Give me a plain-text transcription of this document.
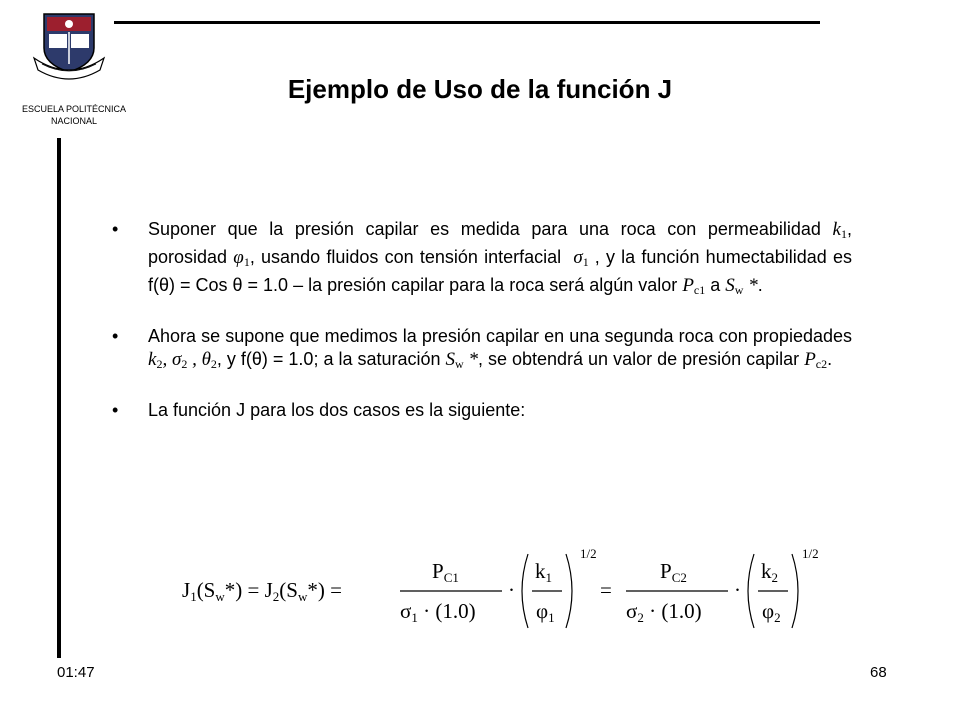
ESCUELA POLITÉCNICA
NACIONAL
Ejemplo de Uso de la función J
• Suponer que la presión capilar es medida para una roca con permeabilidad $k_1$, porosidad $\varphi_1$, usando fluidos con tensión interfacial  $\sigma_1$ , y la función humectabilidad es f(θ) = Cos θ = 1.0 – la presión capilar para la roca será algún valor $P_{c1}$ a $S_w$ *.
• Ahora se supone que medimos la presión capilar en una segunda roca con propiedades $k_2$, $\sigma_2$ , $\theta_2$, y f(θ) = 1.0; a la saturación $S_w$ *, se obtendrá un valor de presión capilar $P_{c2}$.
• La función J para los dos casos es la siguiente:
J1(Sw*) = J2(Sw*) =
PC1
σ1 · (1.0)
·
k1
φ1
1/2
=
PC2
σ2 · (1.0)
·
k2
φ2
1/2
01:47	68
